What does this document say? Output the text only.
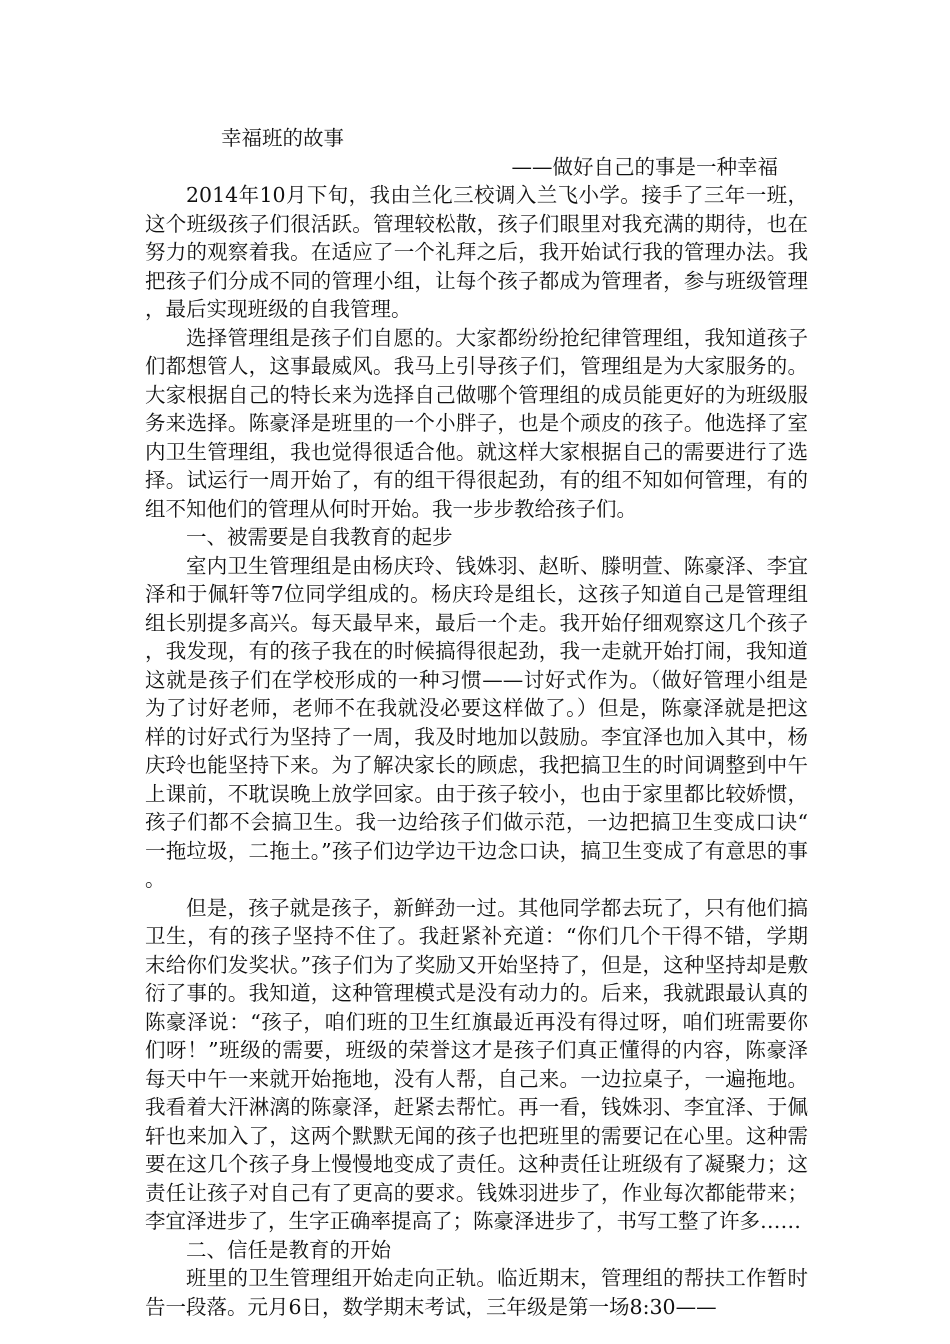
幸福班的故事

——做好自己的事是一种幸福

2014年10月下旬，我由兰化三校调入兰飞小学。接手了三年一班，这个班级孩子们很活跃。管理较松散，孩子们眼里对我充满的期待，也在努力的观察着我。在适应了一个礼拜之后，我开始试行我的管理办法。我把孩子们分成不同的管理小组，让每个孩子都成为管理者，参与班级管理，最后实现班级的自我管理。

选择管理组是孩子们自愿的。大家都纷纷抢纪律管理组，我知道孩子们都想管人，这事最威风。我马上引导孩子们，管理组是为大家服务的。大家根据自己的特长来为选择自己做哪个管理组的成员能更好的为班级服务来选择。陈豪泽是班里的一个小胖子，也是个顽皮的孩子。他选择了室内卫生管理组，我也觉得很适合他。就这样大家根据自己的需要进行了选择。试运行一周开始了，有的组干得很起劲，有的组不知如何管理，有的组不知他们的管理从何时开始。我一步步教给孩子们。

一、被需要是自我教育的起步

室内卫生管理组是由杨庆玲、钱姝羽、赵昕、滕明萱、陈豪泽、李宜泽和于佩轩等7位同学组成的。杨庆玲是组长，这孩子知道自己是管理组组长别提多高兴。每天最早来，最后一个走。我开始仔细观察这几个孩子，我发现，有的孩子我在的时候搞得很起劲，我一走就开始打闹，我知道这就是孩子们在学校形成的一种习惯——讨好式作为。（做好管理小组是为了讨好老师，老师不在我就没必要这样做了。）但是，陈豪泽就是把这样的讨好式行为坚持了一周，我及时地加以鼓励。李宜泽也加入其中，杨庆玲也能坚持下来。为了解决家长的顾虑，我把搞卫生的时间调整到中午上课前，不耽误晚上放学回家。由于孩子较小，也由于家里都比较娇惯，孩子们都不会搞卫生。我一边给孩子们做示范，一边把搞卫生变成口诀“一拖垃圾，二拖土。”孩子们边学边干边念口诀，搞卫生变成了有意思的事。

但是，孩子就是孩子，新鲜劲一过。其他同学都去玩了，只有他们搞卫生，有的孩子坚持不住了。我赶紧补充道：“你们几个干得不错，学期末给你们发奖状。”孩子们为了奖励又开始坚持了，但是，这种坚持却是敷衍了事的。我知道，这种管理模式是没有动力的。后来，我就跟最认真的陈豪泽说：“孩子，咱们班的卫生红旗最近再没有得过呀，咱们班需要你们呀！”班级的需要，班级的荣誉这才是孩子们真正懂得的内容，陈豪泽每天中午一来就开始拖地，没有人帮，自己来。一边拉桌子，一遍拖地。我看着大汗淋漓的陈豪泽，赶紧去帮忙。再一看，钱姝羽、李宜泽、于佩轩也来加入了，这两个默默无闻的孩子也把班里的需要记在心里。这种需要在这几个孩子身上慢慢地变成了责任。这种责任让班级有了凝聚力；这责任让孩子对自己有了更高的要求。钱姝羽进步了，作业每次都能带来；李宜泽进步了，生字正确率提高了；陈豪泽进步了，书写工整了许多……

二、信任是教育的开始

班里的卫生管理组开始走向正轨。临近期末，管理组的帮扶工作暂时告一段落。元月6日，数学期末考试，三年级是第一场8:30——
